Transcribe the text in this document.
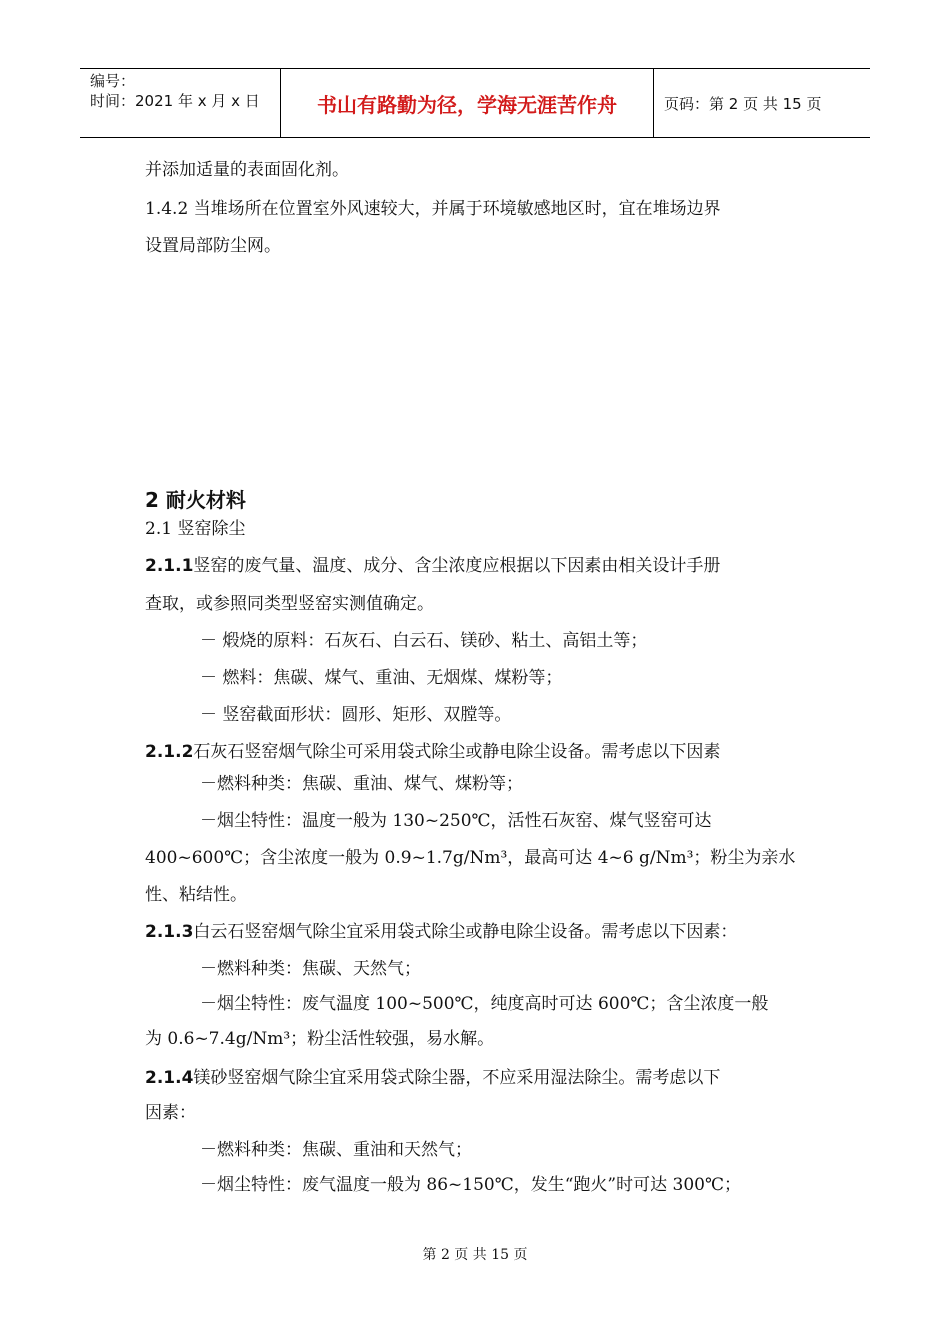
编号：
时间：2021 年 x 月 x 日	书山有路勤为径，学海无涯苦作舟	页码：第 2 页 共 15 页
并添加适量的表面固化剂。
1.4.2 当堆场所在位置室外风速较大，并属于环境敏感地区时，宜在堆场边界
设置局部防尘网。
2 耐火材料
2.1 竖窑除尘
2.1.1竖窑的废气量、温度、成分、含尘浓度应根据以下因素由相关设计手册
查取，或参照同类型竖窑实测值确定。
－ 煅烧的原料：石灰石、白云石、镁砂、粘土、高铝土等；
－ 燃料：焦碳、煤气、重油、无烟煤、煤粉等；
－ 竖窑截面形状：圆形、矩形、双膛等。
2.1.2石灰石竖窑烟气除尘可采用袋式除尘或静电除尘设备。需考虑以下因素
－燃料种类：焦碳、重油、煤气、煤粉等；
－烟尘特性：温度一般为 130~250℃，活性石灰窑、煤气竖窑可达
400~600℃；含尘浓度一般为 0.9~1.7g/Nm³，最高可达 4~6 g/Nm³；粉尘为亲水
性、粘结性。
2.1.3白云石竖窑烟气除尘宜采用袋式除尘或静电除尘设备。需考虑以下因素：
－燃料种类：焦碳、天然气；
－烟尘特性：废气温度 100~500℃，纯度高时可达 600℃；含尘浓度一般
为 0.6~7.4g/Nm³；粉尘活性较强，易水解。
2.1.4镁砂竖窑烟气除尘宜采用袋式除尘器，不应采用湿法除尘。需考虑以下
因素：
－燃料种类：焦碳、重油和天然气；
－烟尘特性：废气温度一般为 86~150℃，发生“跑火”时可达 300℃；
第 2 页 共 15 页
